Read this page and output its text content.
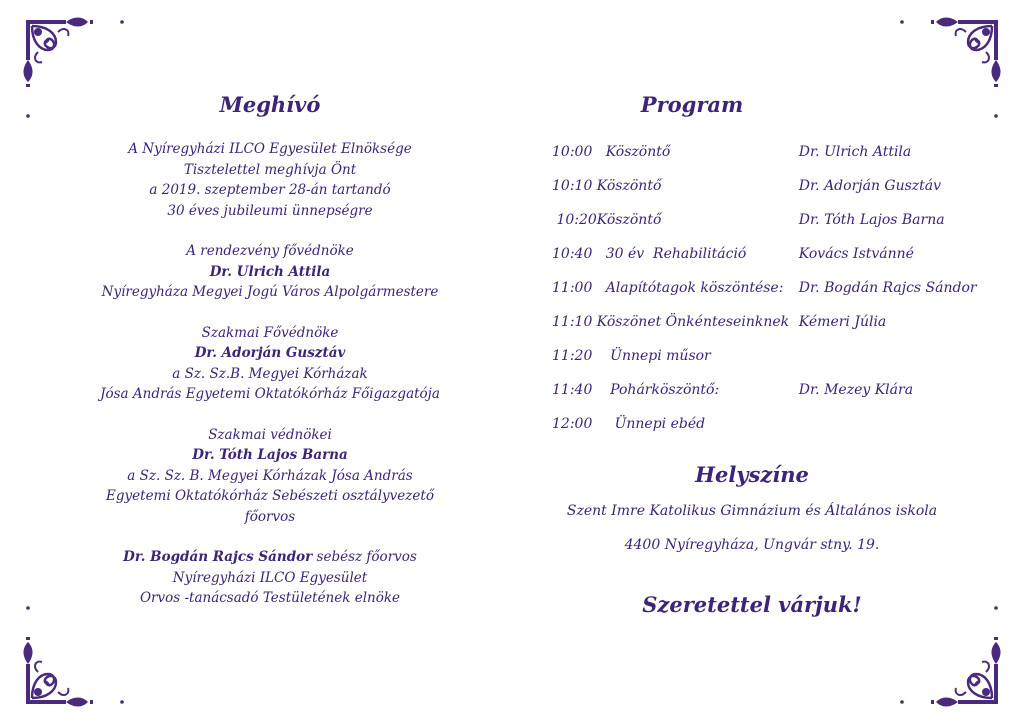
Meghívó
A Nyíregyházi ILCO Egyesület Elnöksége
Tisztelettel meghívja Önt
a 2019. szeptember 28-án tartandó
30 éves jubileumi ünnepségre
A rendezvény fővédnöke
Dr. Ulrich Attila
Nyíregyháza Megyei Jogú Város Alpolgármestere
Szakmai Fővédnöke
Dr. Adorján Gusztáv
a Sz. Sz.B. Megyei Kórházak
Jósa András Egyetemi Oktatókórház Főigazgatója
Szakmai védnökei
Dr. Tóth Lajos Barna
a Sz. Sz. B. Megyei Kórházak Jósa András
Egyetemi Oktatókórház Sebészeti osztályvezető főorvos
Dr. Bogdán Rajcs Sándor sebész főorvos
Nyíregyházi ILCO Egyesület
Orvos -tanácsadó Testületének elnöke
Program
10:00	Köszöntő	Dr. Ulrich Attila
10:10	Köszöntő	Dr. Adorján Gusztáv
10:20	Köszöntő	Dr. Tóth Lajos Barna
10:40	30 év  Rehabilitáció	Kovács Istvánné
11:00	Alapítótagok köszöntése:	Dr. Bogdán Rajcs Sándor
11:10	Köszönet Önkénteseinknek	Kémeri Júlia
11:20	Ünnepi műsor	
11:40	Pohárköszöntő:	Dr. Mezey Klára
12:00	Ünnepi ebéd	
Helyszíne
Szent Imre Katolikus Gimnázium és Általános iskola
4400 Nyíregyháza, Ungvár stny. 19.
Szeretettel várjuk!
